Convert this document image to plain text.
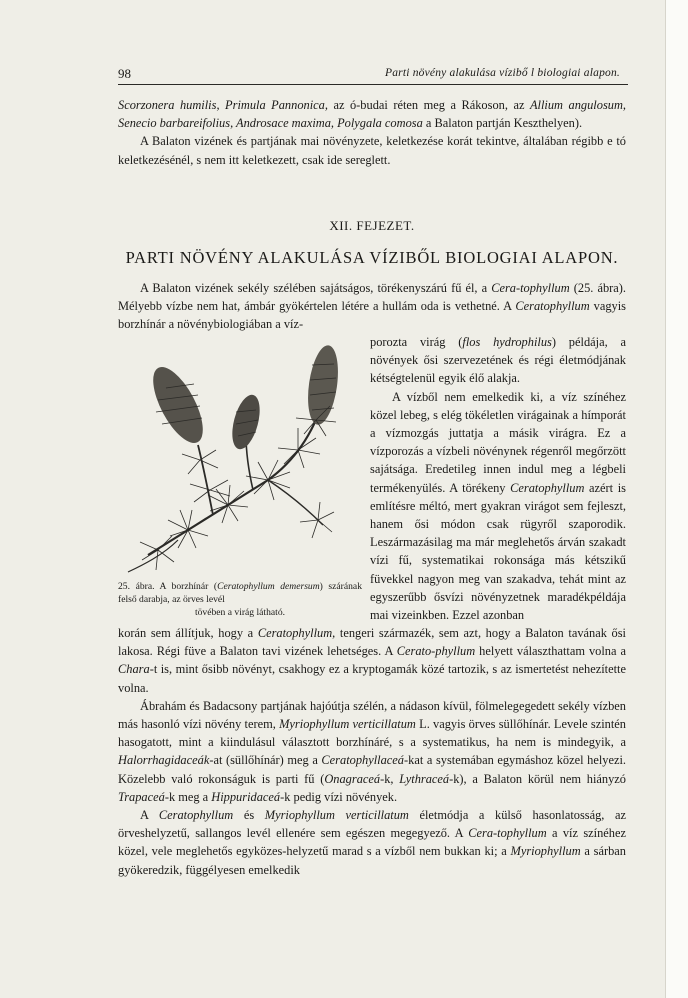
98	Parti növény alakulása vízibő l biologiai alapon.

Scorzonera humilis, Primula Pannonica, az ó-budai réten meg a Rákoson, az Allium angulosum, Senecio barbareifolius, Androsace maxima, Polygala comosa a Balaton partján Keszthelyen).

A Balaton vizének és partjának mai növényzete, keletkezése korát tekintve, általában régibb e tó keletkezésénél, s nem itt keletkezett, csak ide sereglett.

XII. FEJEZET.
PARTI NÖVÉNY ALAKULÁSA VÍZIBŐL BIOLOGIAI ALAPON.

A Balaton vizének sekély szélében sajátságos, törékenyszárú fű él, a Cera-tophyllum (25. ábra). Mélyebb vízbe nem hat, ámbár gyökértelen létére a hullám oda is vethetné. A Ceratophyllum vagyis borzhínár a növénybiologiában a víz-

porozta virág (flos hydrophilus) példája, a növények ősi szervezetének és régi életmódjának kétségtelenül egyik élő alakja.

A vízből nem emelkedik ki, a víz színéhez közel lebeg, s elég tökéletlen virágainak a hímporát a vízmozgás juttatja a másik virágra. Ez a vízporozás a vízbeli növénynek régenről megőrzött sajátsága. Eredetileg innen indul meg a légbeli termékenyülés. A törékeny Ceratophyllum azért is említésre méltó, mert gyakran virágot sem fejleszt, hanem ősi módon csak rügyről szaporodik. Leszármazásilag ma már meglehetős árván szakadt vízi fű, systematikai rokonsága más kétszikű füvekkel nagyon meg van szakadva, tehát mint az egyszerűbb ősvízi növényzetnek maradékpéldája mai vizeinkben. Ezzel azonban

25. ábra. A borzhínár (Ceratophyllum demersum) szárának felső darabja, az örves levél
tövében a virág látható.

korán sem állítjuk, hogy a Ceratophyllum, tengeri származék, sem azt, hogy a Balaton tavának ősi lakosa. Régi füve a Balaton tavi vizének lehetséges. A Cerato-phyllum helyett választhattam volna a Chara-t is, mint ősibb növényt, csakhogy ez a kryptogamák közé tartozik, s az ismertetést nehezítette volna.

Ábrahám és Badacsony partjának hajóútja szélén, a nádason kívül, fölmelegegedett sekély vízben más hasonló vízi növény terem, Myriophyllum verticillatum L. vagyis örves süllőhínár. Levele szintén hasogatott, mint a kiindulásul választott borzhínáré, s a systematikus, ha nem is mindegyik, a Halorrhagidaceák-at (süllőhínár) meg a Ceratophyllaceá-kat a systemában egymáshoz közel helyezi. Közelebb való rokonságuk is parti fű (Onagraceá-k, Lythraceá-k), a Balaton körül nem hiányzó Trapaceá-k meg a Hippuridaceá-k pedig vízi növények.

A Ceratophyllum és Myriophyllum verticillatum életmódja a külső hasonlatosság, az örveshelyzetű, sallangos levél ellenére sem egészen megegyező. A Cera-tophyllum a víz színéhez közel, vele meglehetős egyközes-helyzetű marad s a vízből nem bukkan ki; a Myriophyllum a sárban gyökeredzik, függélyesen emelkedik
